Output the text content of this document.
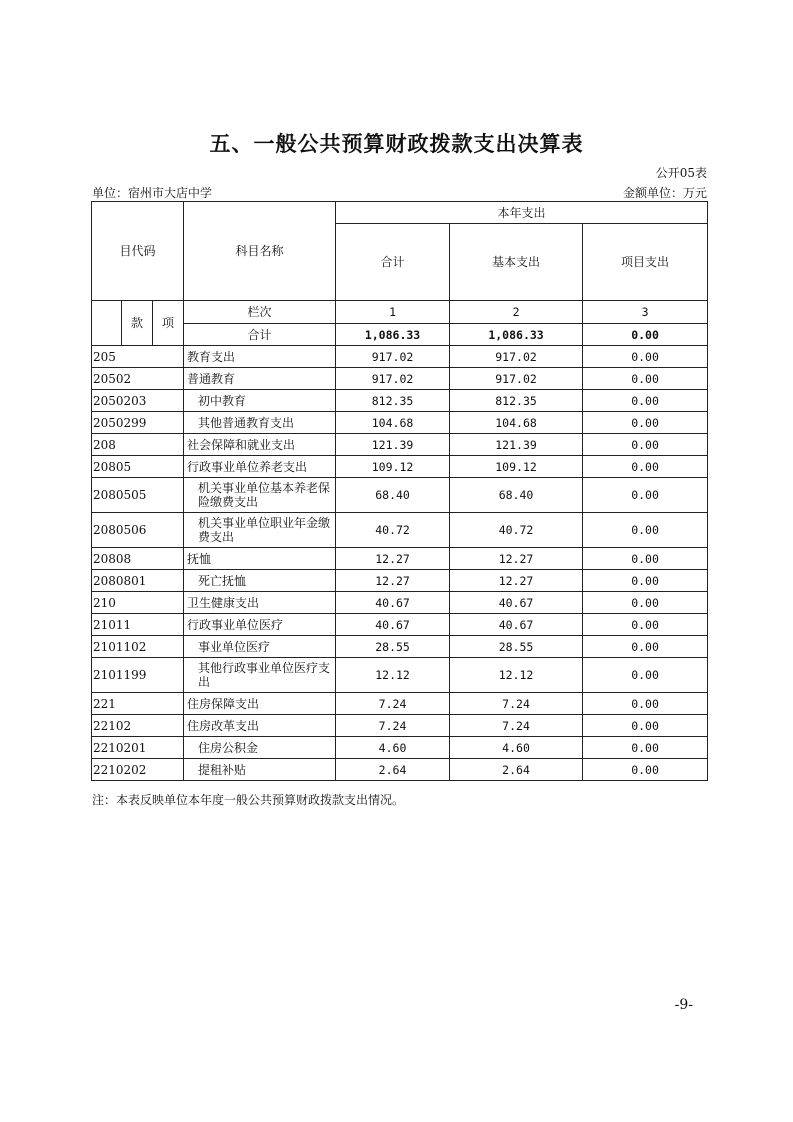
五、一般公共预算财政拨款支出决算表
公开05表
单位：宿州市大店中学	金额单位：万元
目代码			科目名称	本年支出		
				合计	基本支出	项目支出
	款	项	栏次	1	2	3
			合计	1,086.33	1,086.33	0.00
205			教育支出	917.02	917.02	0.00
20502			普通教育	917.02	917.02	0.00
2050203			初中教育	812.35	812.35	0.00
2050299			其他普通教育支出	104.68	104.68	0.00
208			社会保障和就业支出	121.39	121.39	0.00
20805			行政事业单位养老支出	109.12	109.12	0.00
2080505			机关事业单位基本养老保险缴费支出	68.40	68.40	0.00
2080506			机关事业单位职业年金缴费支出	40.72	40.72	0.00
20808			抚恤	12.27	12.27	0.00
2080801			死亡抚恤	12.27	12.27	0.00
210			卫生健康支出	40.67	40.67	0.00
21011			行政事业单位医疗	40.67	40.67	0.00
2101102			事业单位医疗	28.55	28.55	0.00
2101199			其他行政事业单位医疗支出	12.12	12.12	0.00
221			住房保障支出	7.24	7.24	0.00
22102			住房改革支出	7.24	7.24	0.00
2210201			住房公积金	4.60	4.60	0.00
2210202			提租补贴	2.64	2.64	0.00
注：本表反映单位本年度一般公共预算财政拨款支出情况。
-9-
